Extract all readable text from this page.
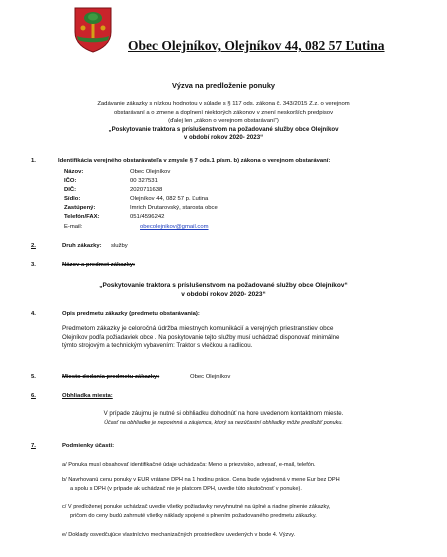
Obec Olejníkov, Olejníkov 44, 082 57 Ľutina
Výzva na predloženie ponuky
Zadávanie zákazky s nízkou hodnotou v súlade s § 117 ods. zákona č. 343/2015 Z.z. o verejnom
obstarávaní a o zmene a doplnení niektorých zákonov v znení neskorších predpisov
(ďalej len „zákon o verejnom obstarávaní“)
„Poskytovanie traktora s príslušenstvom na požadované služby obce Olejníkov
v období rokov 2020- 2023“
1.	Identifikácia verejného obstarávateľa v zmysle § 7 ods.1 písm. b) zákona o verejnom obstarávaní:
Názov:	Obec Olejníkov
IČO:	00 327531
DIČ:	2020711638
Sídlo:	Olejníkov 44, 082 57 p. Ľutina
Zastúpený:	Imrich Drutarovský, starosta obce
Telefón/FAX:	051/4596242
E-mail:	obecolejnikov@gmail.com
2.	Druh zákazky: služby
3.	Názov a predmet zákazky:
„Poskytovanie traktora s príslušenstvom na požadované služby obce Olejníkov“
v období rokov 2020- 2023“
4.	Opis predmetu zákazky (predmetu obstarávania):
Predmetom zákazky je celoročná údržba miestnych komunikácií a verejných priestranstiev obce
Olejníkov podľa požiadaviek obce . Na poskytovanie tejto služby musí uchádzač disponovať minimálne
týmto strojovým a technickým vybavením: Traktor s vlečkou a radlicou.
5.	Miesto dodania predmetu zákazky:	Obec Olejníkov
6.	Obhliadka miesta:
V prípade záujmu je nutné si obhliadku dohodnúť na hore uvedenom kontaktnom mieste.
Účasť na obhliadke je nepovinná a záujemca, ktorý sa nezúčastní obhliadky môže predložiť ponuku.
7.	Podmienky účasti:
a/ Ponuka musí obsahovať identifikačné údaje uchádzača: Meno a priezvisko, adresať, e-mail, telefón.
b/ Navrhovanú cenu ponuky v EUR vrátane DPH na 1 hodinu práce. Cena bude vyjadrená v mene Eur bez DPH
a spolu s DPH (v prípade ak uchádzač nie je platcom DPH, uvedie túto skutočnosť v ponuke).
c/ V predloženej ponuke uchádzač uvedie všetky požiadavky nevyhnutné na úplné a riadne plnenie zákazky,
pričom do ceny budú zahrnuté všetky náklady spojené s plnením požadovaného predmetu zákazky.
e/ Doklady osvedčujúce vlastníctvo mechanizačných prostriedkov uvedených v bode 4. Výzvy.
